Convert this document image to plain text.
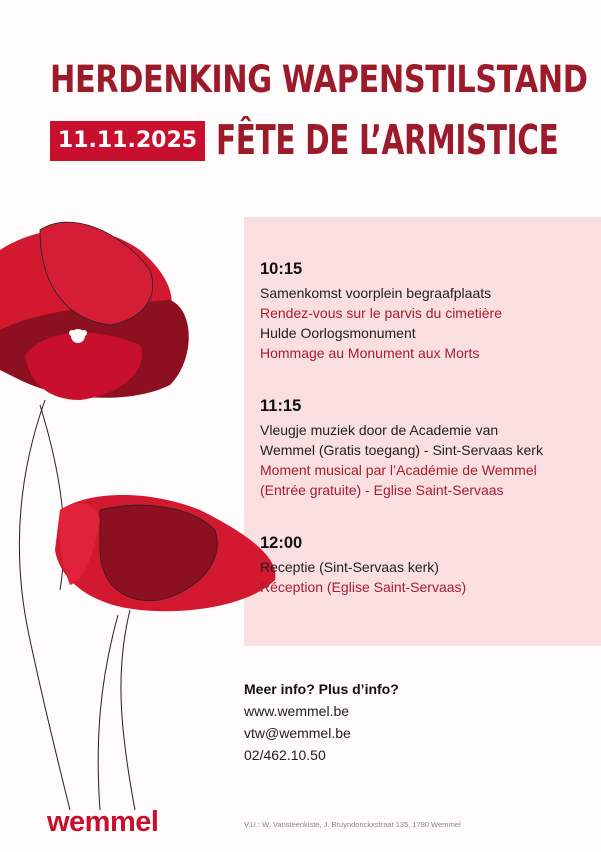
HERDENKING WAPENSTILSTAND
11.11.2025 FÊTE DE L’ARMISTICE
10:15
Samenkomst voorplein begraafplaats
Rendez-vous sur le parvis du cimetière
Hulde Oorlogsmonument
Hommage au Monument aux Morts
11:15
Vleugje muziek door de Academie van
Wemmel (Gratis toegang) - Sint-Servaas kerk
Moment musical par l’Académie de Wemmel
(Entrée gratuite) - Eglise Saint-Servaas
12:00
Receptie (Sint-Servaas kerk)
Réception (Eglise Saint-Servaas)
Meer info? Plus d’info?
www.wemmel.be
vtw@wemmel.be
02/462.10.50
wemmel	V.U.: W. Vansteenkiste, J. Bruyndonckxstraat 135, 1780 Wemmel
